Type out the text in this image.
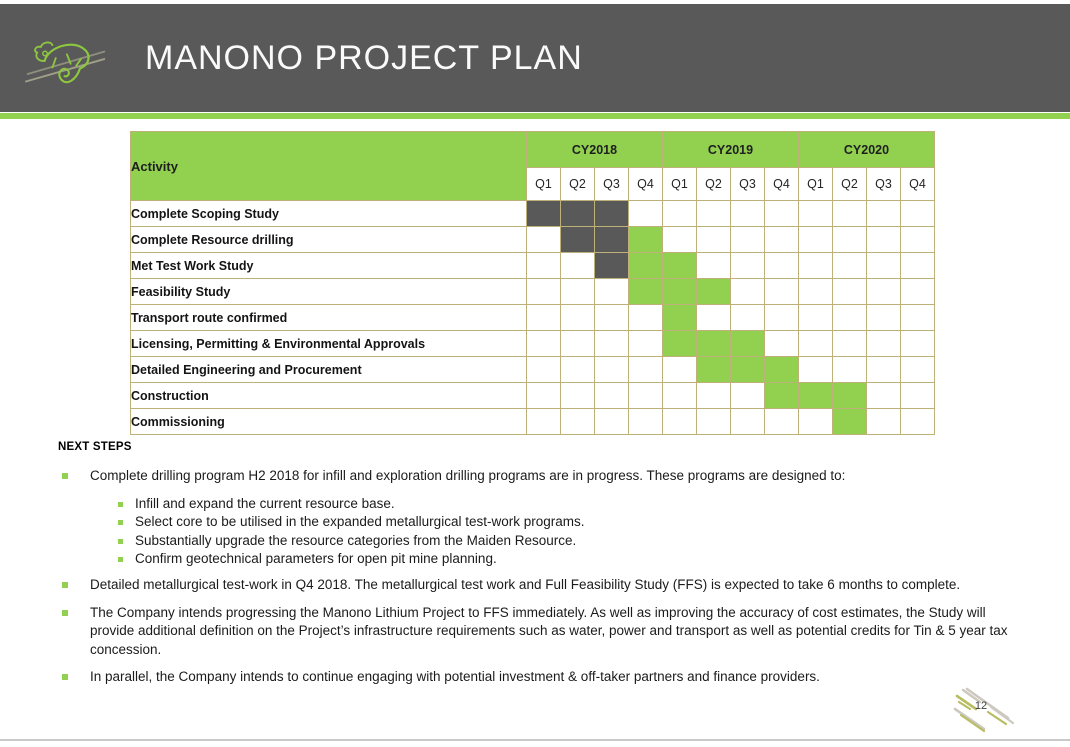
MANONO PROJECT PLAN
Activity	CY2018				CY2019				CY2020			
	Q1	Q2	Q3	Q4	Q1	Q2	Q3	Q4	Q1	Q2	Q3	Q4
Complete Scoping Study												
Complete Resource drilling												
Met Test Work Study												
Feasibility Study												
Transport route confirmed												
Licensing, Permitting & Environmental Approvals												
Detailed Engineering and Procurement												
Construction												
Commissioning												
NEXT STEPS

Complete drilling program H2 2018 for infill and exploration drilling programs are in progress. These programs are designed to:

Infill and expand the current resource base.

Select core to be utilised in the expanded metallurgical test-work programs.

Substantially upgrade the resource categories from the Maiden Resource.

Confirm geotechnical parameters for open pit mine planning.

Detailed metallurgical test-work in Q4 2018. The metallurgical test work and Full Feasibility Study (FFS) is expected to take 6 months to complete.

The Company intends progressing the Manono Lithium Project to FFS immediately. As well as improving the accuracy of cost estimates, the Study will provide additional definition on the Project’s infrastructure requirements such as water, power and transport as well as potential credits for Tin & 5 year tax concession.

In parallel, the Company intends to continue engaging with potential investment & off-taker partners and finance providers.

12
